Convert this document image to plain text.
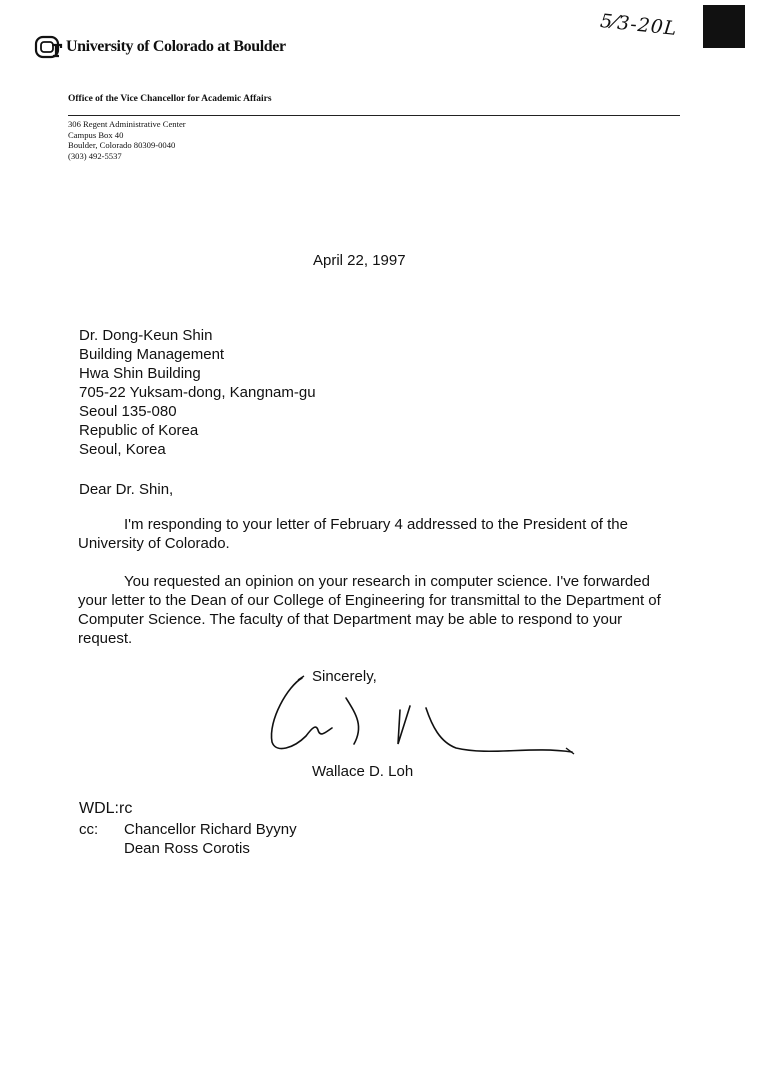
University of Colorado at Boulder
Office of the Vice Chancellor for Academic Affairs
306 Regent Administrative Center
Campus Box 40
Boulder, Colorado 80309-0040
(303) 492-5537
5⁄3-20L
April 22, 1997
Dr. Dong-Keun Shin
Building Management
Hwa Shin Building
705-22 Yuksam-dong, Kangnam-gu
Seoul 135-080
Republic of Korea
Seoul, Korea
Dear Dr. Shin,

I'm responding to your letter of February 4 addressed to the President of the University of Colorado.

You requested an opinion on your research in computer science. I've forwarded your letter to the Dean of our College of Engineering for transmittal to the Department of Computer Science. The faculty of that Department may be able to respond to your request.

Sincerely,
Wallace D. Loh
WDL:rc
cc: Chancellor Richard Byyny
Dean Ross Corotis
